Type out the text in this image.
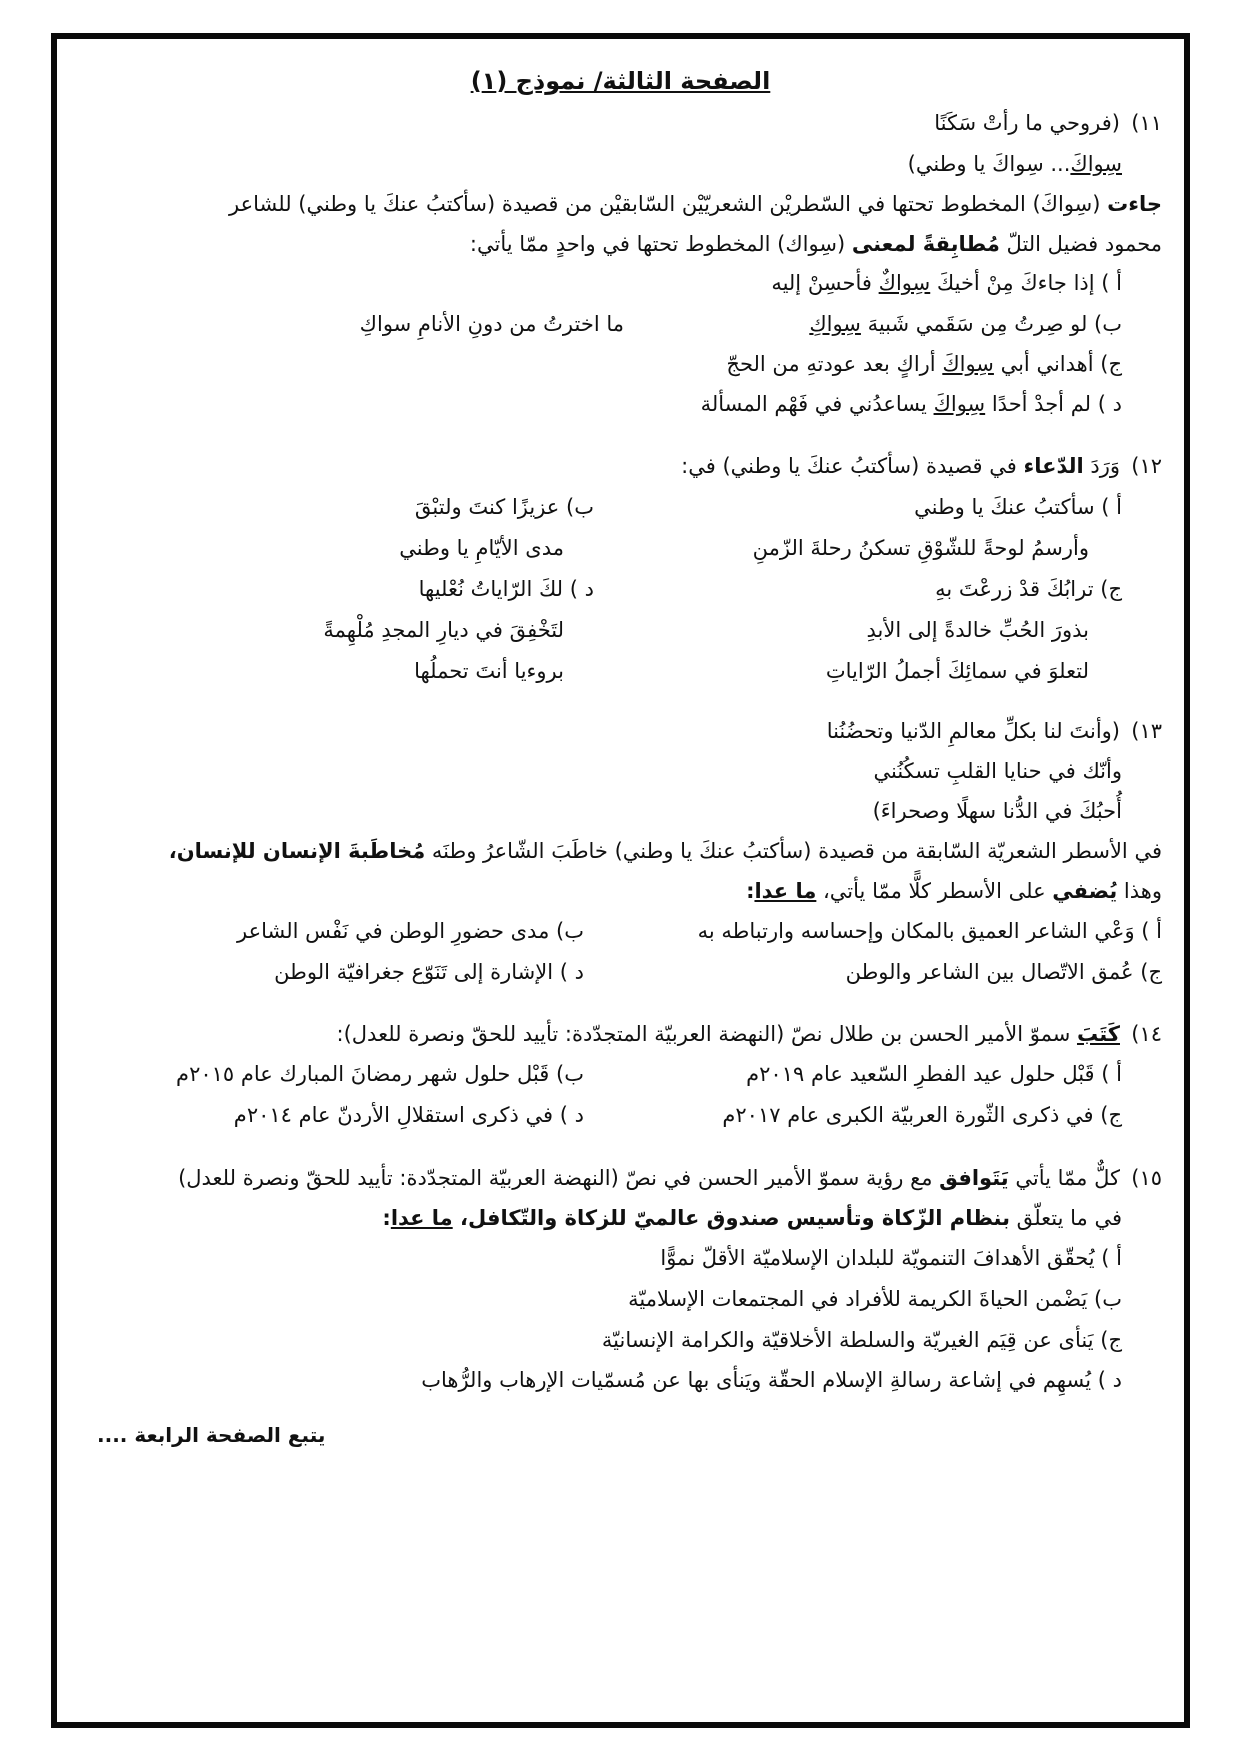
الصفحة الثالثة/ نموذج (١)
١١)(فروحي ما رأتْ سَكَنًا
سِواكَ... سِواكَ يا وطني)
جاءت (سِواكَ) المخطوط تحتها في السّطريْن الشعريّيْن السّابقيْن من قصيدة (سأكتبُ عنكَ يا وطني) للشاعر
محمود فضيل التلّ مُطابِقةً لمعنى (سِواك) المخطوط تحتها في واحدٍ ممّا يأتي:
أ ) إذا جاءكَ مِنْ أخيكَ سِواكٌ فأحسِنْ إليه
ب) لو صِرتُ مِن سَقَمي شَبيهَ سِواكِ
ما اخترتُ من دونِ الأنامِ سواكِ
ج) أهداني أبي سِواكَ أراكٍ بعد عودتهِ من الحجّ
د ) لم أجدْ أحدًا سِواكَ يساعدُني في فَهْم المسألة
١٢)وَرَدَ الدّعاء في قصيدة (سأكتبُ عنكَ يا وطني) في:
أ ) سأكتبُ عنكَ يا وطني
ب) عزيزًا كنتَ ولتبْقَ
وأرسمُ لوحةً للشّوْقِ تسكنُ رحلةَ الزّمنِ
مدى الأيّامِ يا وطني
ج) ترابُكَ قدْ زرعْتَ بهِ
د ) لكَ الرّاياتُ نُعْليها
بذورَ الحُبِّ خالدةً إلى الأبدِ
لتَخْفِقَ في ديارِ المجدِ مُلْهِمةً
لتعلوَ في سمائِكَ أجملُ الرّاياتِ
بروءيا أنتَ تحملُها
١٣)(وأنتَ لنا بكلِّ معالمِ الدّنيا وتحضُنُنا
وأنّك في حنايا القلبِ تسكُنُني
أُحبُكَ في الدُّنا سهلًا وصحراءَ)
في الأسطر الشعريّة السّابقة من قصيدة (سأكتبُ عنكَ يا وطني) خاطَبَ الشّاعرُ وطنَه مُخاطَبةَ الإنسان للإنسان،
وهذا يُضفي على الأسطر كلًّا ممّا يأتي، ما عدا:
أ ) وَعْي الشاعر العميق بالمكان وإحساسه وارتباطه به
ب) مدى حضورِ الوطن في نَفْس الشاعر
ج) عُمق الاتّصال بين الشاعر والوطن
د ) الإشارة إلى تَنَوّع جغرافيّة الوطن
١٤)كَتَبَ سموّ الأمير الحسن بن طلال نصّ (النهضة العربيّة المتجدّدة: تأييد للحقّ ونصرة للعدل):
أ ) قَبْل حلول عيد الفطرِ السّعيد عام ٢٠١٩م
ب) قَبْل حلول شهر رمضانَ المبارك عام ٢٠١٥م
ج) في ذكرى الثّورة العربيّة الكبرى عام ٢٠١٧م
د ) في ذكرى استقلالِ الأردنّ عام ٢٠١٤م
١٥)كلٌّ ممّا يأتي يَتَوافق مع رؤية سموّ الأمير الحسن في نصّ (النهضة العربيّة المتجدّدة: تأييد للحقّ ونصرة للعدل)
في ما يتعلّق بنظام الزّكاة وتأسيس صندوق عالميّ للزكاة والتّكافل، ما عدا:
أ ) يُحقّق الأهدافَ التنمويّة للبلدان الإسلاميّة الأقلّ نموًّا
ب) يَضْمن الحياةَ الكريمة للأفراد في المجتمعات الإسلاميّة
ج) يَنأى عن قِيَم الغيريّة والسلطة الأخلاقيّة والكرامة الإنسانيّة
د ) يُسهِم في إشاعة رسالةِ الإسلام الحقّة ويَنأى بها عن مُسمّيات الإرهاب والرُّهاب
يتبع الصفحة الرابعة ....
